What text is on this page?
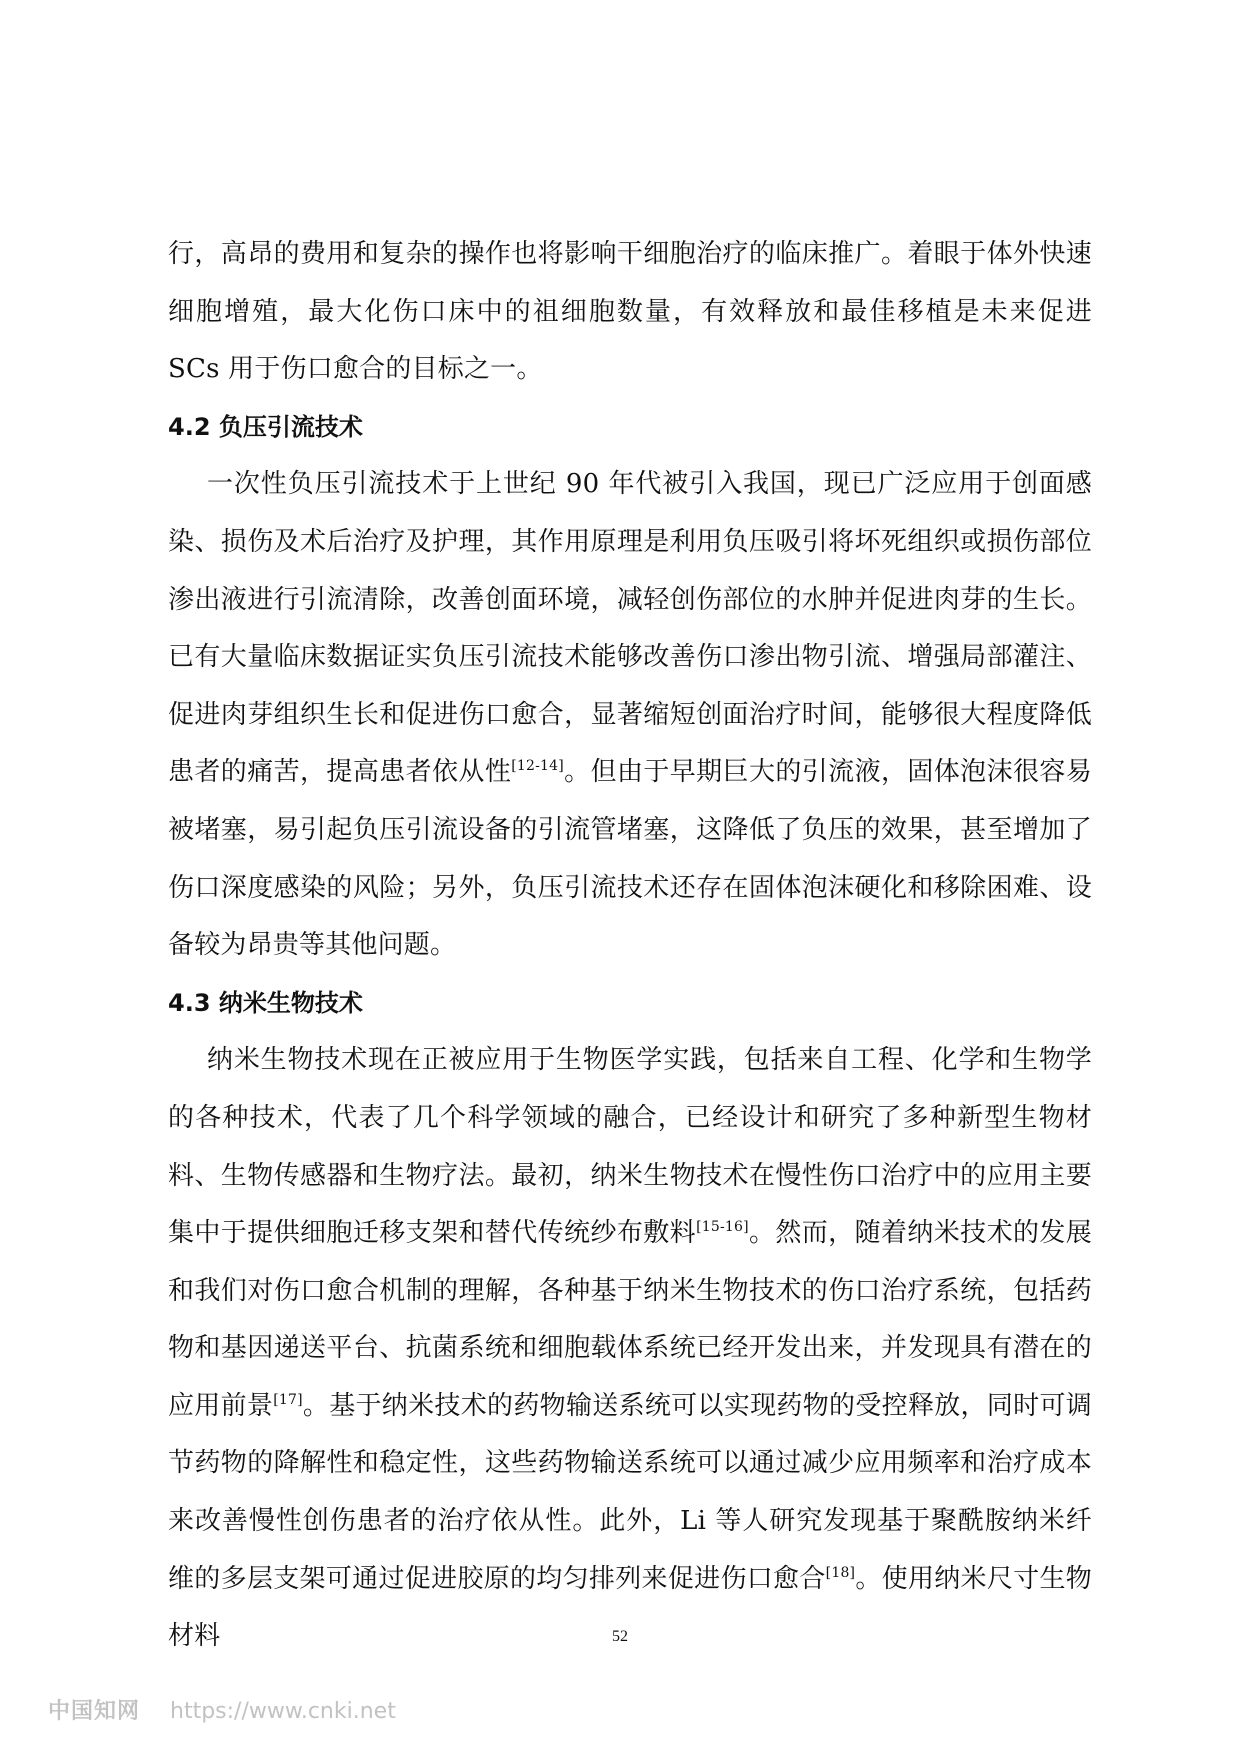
行，高昂的费用和复杂的操作也将影响干细胞治疗的临床推广。着眼于体外快速细胞增殖，最大化伤口床中的祖细胞数量，有效释放和最佳移植是未来促进 SCs 用于伤口愈合的目标之一。

4.2 负压引流技术

一次性负压引流技术于上世纪 90 年代被引入我国，现已广泛应用于创面感染、损伤及术后治疗及护理，其作用原理是利用负压吸引将坏死组织或损伤部位渗出液进行引流清除，改善创面环境，减轻创伤部位的水肿并促进肉芽的生长。已有大量临床数据证实负压引流技术能够改善伤口渗出物引流、增强局部灌注、促进肉芽组织生长和促进伤口愈合，显著缩短创面治疗时间，能够很大程度降低患者的痛苦，提高患者依从性[12-14]。但由于早期巨大的引流液，固体泡沫很容易被堵塞，易引起负压引流设备的引流管堵塞，这降低了负压的效果，甚至增加了伤口深度感染的风险；另外，负压引流技术还存在固体泡沫硬化和移除困难、设备较为昂贵等其他问题。

4.3 纳米生物技术

纳米生物技术现在正被应用于生物医学实践，包括来自工程、化学和生物学的各种技术，代表了几个科学领域的融合，已经设计和研究了多种新型生物材料、生物传感器和生物疗法。最初，纳米生物技术在慢性伤口治疗中的应用主要集中于提供细胞迁移支架和替代传统纱布敷料[15-16]。然而，随着纳米技术的发展和我们对伤口愈合机制的理解，各种基于纳米生物技术的伤口治疗系统，包括药物和基因递送平台、抗菌系统和细胞载体系统已经开发出来，并发现具有潜在的应用前景[17]。基于纳米技术的药物输送系统可以实现药物的受控释放，同时可调节药物的降解性和稳定性，这些药物输送系统可以通过减少应用频率和治疗成本来改善慢性创伤患者的治疗依从性。此外，Li 等人研究发现基于聚酰胺纳米纤维的多层支架可通过促进胶原的均匀排列来促进伤口愈合[18]。使用纳米尺寸生物材料	52
中国知网 https://www.cnki.net
